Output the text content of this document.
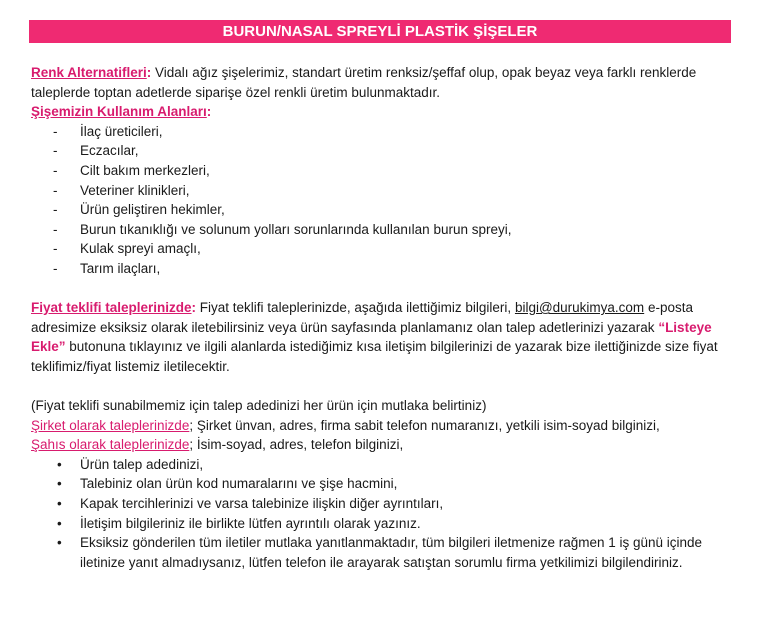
BURUN/NASAL SPREYLİ PLASTİK ŞİŞELER

Renk Alternatifleri: Vidalı ağız şişelerimiz, standart üretim renksiz/şeffaf olup, opak beyaz veya farklı renklerde taleplerde toptan adetlerde siparişe özel renkli üretim bulunmaktadır.

Şişemizin Kullanım Alanları:

- İlaç üreticileri,
- Eczacılar,
- Cilt bakım merkezleri,
- Veteriner klinikleri,
- Ürün geliştiren hekimler,
- Burun tıkanıklığı ve solunum yolları sorunlarında kullanılan burun spreyi,
- Kulak spreyi amaçlı,
- Tarım ilaçları,

Fiyat teklifi taleplerinizde: Fiyat teklifi taleplerinizde, aşağıda ilettiğimiz bilgileri, bilgi@durukimya.com e-posta adresimize eksiksiz olarak iletebilirsiniz veya ürün sayfasında planlamanız olan talep adetlerinizi yazarak “Listeye Ekle” butonuna tıklayınız ve ilgili alanlarda istediğimiz kısa iletişim bilgilerinizi de yazarak bize ilettiğinizde size fiyat teklifimiz/fiyat listemiz iletilecektir.

(Fiyat teklifi sunabilmemiz için talep adedinizi her ürün için mutlaka belirtiniz)

Şirket olarak taleplerinizde; Şirket ünvan, adres, firma sabit telefon numaranızı, yetkili isim-soyad bilginizi,

Şahıs olarak taleplerinizde; İsim-soyad, adres, telefon bilginizi,

• Ürün talep adedinizi,
• Talebiniz olan ürün kod numaralarını ve şişe hacmini,
• Kapak tercihlerinizi ve varsa talebinize ilişkin diğer ayrıntıları,
• İletişim bilgileriniz ile birlikte lütfen ayrıntılı olarak yazınız.
• Eksiksiz gönderilen tüm iletiler mutlaka yanıtlanmaktadır, tüm bilgileri iletmenize rağmen 1 iş günü içinde iletinize yanıt almadıysanız, lütfen telefon ile arayarak satıştan sorumlu firma yetkilimizi bilgilendiriniz.
